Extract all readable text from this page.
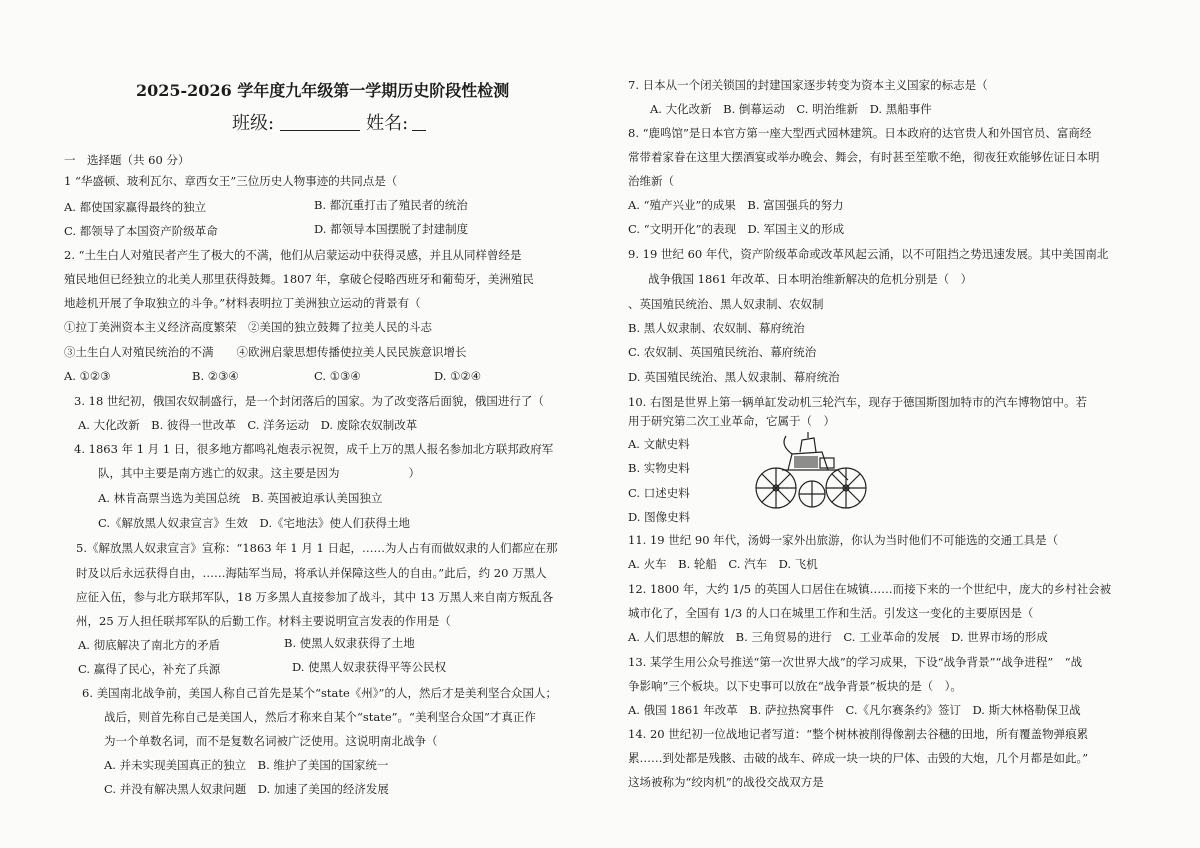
2025-2026 学年度九年级第一学期历史阶段性检测
班级:	姓名:
一　选择题（共 60 分）
1 “华盛顿、玻利瓦尔、章西女王”三位历史人物事迹的共同点是（
A. 都使国家赢得最终的独立	B. 都沉重打击了殖民者的统治
C. 都领导了本国资产阶级革命	D. 都领导本国摆脱了封建制度
2. “土生白人对殖民者产生了极大的不满，他们从启蒙运动中获得灵感，并且从同样曾经是
殖民地但已经独立的北美人那里获得鼓舞。1807 年，拿破仑侵略西班牙和葡萄牙，美洲殖民
地趁机开展了争取独立的斗争。”材料表明拉丁美洲独立运动的背景有（
①拉丁美洲资本主义经济高度繁荣　②美国的独立鼓舞了拉美人民的斗志
③土生白人对殖民统治的不满　　④欧洲启蒙思想传播使拉美人民民族意识增长
A. ①②③	B. ②③④	C. ①③④	D. ①②④
3. 18 世纪初，俄国农奴制盛行，是一个封闭落后的国家。为了改变落后面貌，俄国进行了（
A. 大化改新　B. 彼得一世改革　C. 洋务运动　D. 废除农奴制改革
4. 1863 年 1 月 1 日，很多地方都鸣礼炮表示祝贺，成千上万的黑人报名参加北方联邦政府军
队，其中主要是南方逃亡的奴隶。这主要是因为　　　　　　）
A. 林肯高票当选为美国总统　B. 英国被迫承认美国独立
C.《解放黑人奴隶宣言》生效　D.《宅地法》使人们获得土地
5.《解放黑人奴隶宣言》宣称：“1863 年 1 月 1 日起，……为人占有而做奴隶的人们都应在那
时及以后永远获得自由，……海陆军当局，将承认并保障这些人的自由。”此后，约 20 万黑人
应征入伍，参与北方联邦军队，18 万多黑人直接参加了战斗，其中 13 万黑人来自南方叛乱各
州，25 万人担任联邦军队的后勤工作。材料主要说明宣言发表的作用是（
A. 彻底解决了南北方的矛盾	B. 使黑人奴隶获得了土地
C. 赢得了民心，补充了兵源	D. 使黑人奴隶获得平等公民权
6. 美国南北战争前，美国人称自己首先是某个“state《州》”的人，然后才是美利坚合众国人；
战后，则首先称自己是美国人，然后才称来自某个“state”。“美利坚合众国”才真正作
为一个单数名词，而不是复数名词被广泛使用。这说明南北战争（
A. 并未实现美国真正的独立　B. 维护了美国的国家统一
C. 并没有解决黑人奴隶问题　D. 加速了美国的经济发展
7. 日本从一个闭关锁国的封建国家逐步转变为资本主义国家的标志是（
A. 大化改新　B. 倒幕运动　C. 明治维新　D. 黑船事件
8. “鹿鸣馆”是日本官方第一座大型西式园林建筑。日本政府的达官贵人和外国官员、富商经
常带着家眷在这里大摆酒宴或举办晚会、舞会，有时甚至笙歌不绝，彻夜狂欢能够佐证日本明
治维新（
A. “殖产兴业”的成果　B. 富国强兵的努力
C. “文明开化”的表现　D. 军国主义的形成
9. 19 世纪 60 年代，资产阶级革命或改革风起云涌，以不可阻挡之势迅速发展。其中美国南北
战争俄国 1861 年改革、日本明治维新解决的危机分别是（　）
、英国殖民统治、黑人奴隶制、农奴制
B. 黑人奴隶制、农奴制、幕府统治
C. 农奴制、英国殖民统治、幕府统治
D. 英国殖民统治、黑人奴隶制、幕府统治
10. 右图是世界上第一辆单缸发动机三轮汽车，现存于德国斯图加特市的汽车博物馆中。若
用于研究第二次工业革命，它属于（　）
A. 文献史料
B. 实物史料
C. 口述史料
D. 图像史料
11. 19 世纪 90 年代，汤姆一家外出旅游，你认为当时他们不可能选的交通工具是（
A. 火车　B. 轮船　C. 汽车　D. 飞机
12. 1800 年，大约 1/5 的英国人口居住在城镇……而接下来的一个世纪中，庞大的乡村社会被
城市化了，全国有 1/3 的人口在城里工作和生活。引发这一变化的主要原因是（
A. 人们思想的解放　B. 三角贸易的进行　C. 工业革命的发展　D. 世界市场的形成
13. 某学生用公众号推送“第一次世界大战”的学习成果，下设“战争背景”“战争进程”　“战
争影响”三个板块。以下史事可以放在“战争背景”板块的是（　）。
A. 俄国 1861 年改革　B. 萨拉热窝事件　C.《凡尔赛条约》签订　D. 斯大林格勒保卫战
14. 20 世纪初一位战地记者写道：“整个树林被削得像割去谷穗的田地，所有覆盖物弹痕累
累……到处都是残骸、击破的战车、碎成一块一块的尸体、击毁的大炮，几个月都是如此。”
这场被称为“绞肉机”的战役交战双方是
